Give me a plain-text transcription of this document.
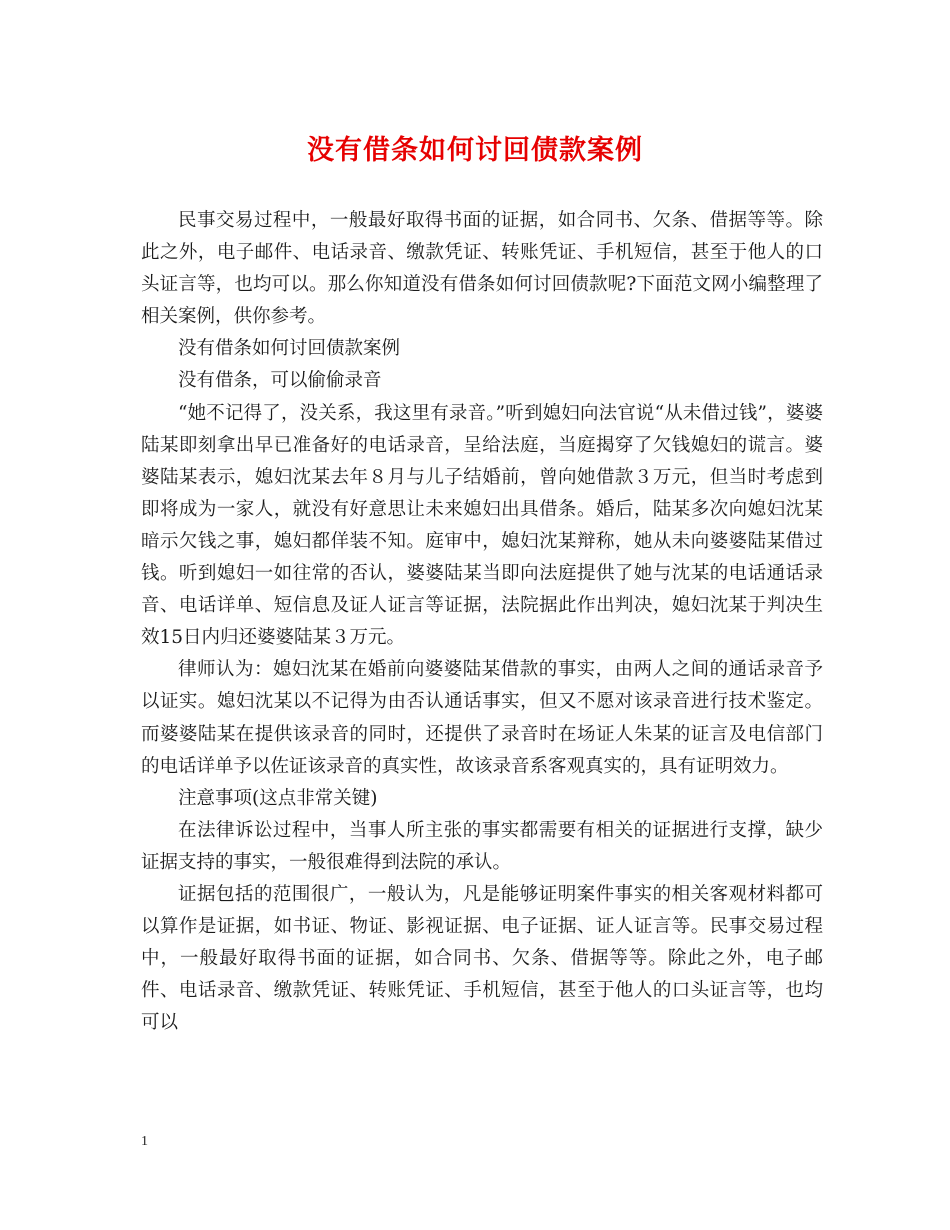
没有借条如何讨回债款案例

民事交易过程中，一般最好取得书面的证据，如合同书、欠条、借据等等。除此之外，电子邮件、电话录音、缴款凭证、转账凭证、手机短信，甚至于他人的口头证言等，也均可以。那么你知道没有借条如何讨回债款呢?下面范文网小编整理了相关案例，供你参考。

没有借条如何讨回债款案例

没有借条，可以偷偷录音

“她不记得了，没关系，我这里有录音。”听到媳妇向法官说“从未借过钱”，婆婆陆某即刻拿出早已准备好的电话录音，呈给法庭，当庭揭穿了欠钱媳妇的谎言。婆婆陆某表示，媳妇沈某去年８月与儿子结婚前，曾向她借款３万元，但当时考虑到即将成为一家人，就没有好意思让未来媳妇出具借条。婚后，陆某多次向媳妇沈某暗示欠钱之事，媳妇都佯装不知。庭审中，媳妇沈某辩称，她从未向婆婆陆某借过钱。听到媳妇一如往常的否认，婆婆陆某当即向法庭提供了她与沈某的电话通话录音、电话详单、短信息及证人证言等证据，法院据此作出判决，媳妇沈某于判决生效15日内归还婆婆陆某３万元。

律师认为：媳妇沈某在婚前向婆婆陆某借款的事实，由两人之间的通话录音予以证实。媳妇沈某以不记得为由否认通话事实，但又不愿对该录音进行技术鉴定。而婆婆陆某在提供该录音的同时，还提供了录音时在场证人朱某的证言及电信部门的电话详单予以佐证该录音的真实性，故该录音系客观真实的，具有证明效力。

注意事项(这点非常关键)

在法律诉讼过程中，当事人所主张的事实都需要有相关的证据进行支撑，缺少证据支持的事实，一般很难得到法院的承认。

证据包括的范围很广，一般认为，凡是能够证明案件事实的相关客观材料都可以算作是证据，如书证、物证、影视证据、电子证据、证人证言等。民事交易过程中，一般最好取得书面的证据，如合同书、欠条、借据等等。除此之外，电子邮件、电话录音、缴款凭证、转账凭证、手机短信，甚至于他人的口头证言等，也均可以

1
